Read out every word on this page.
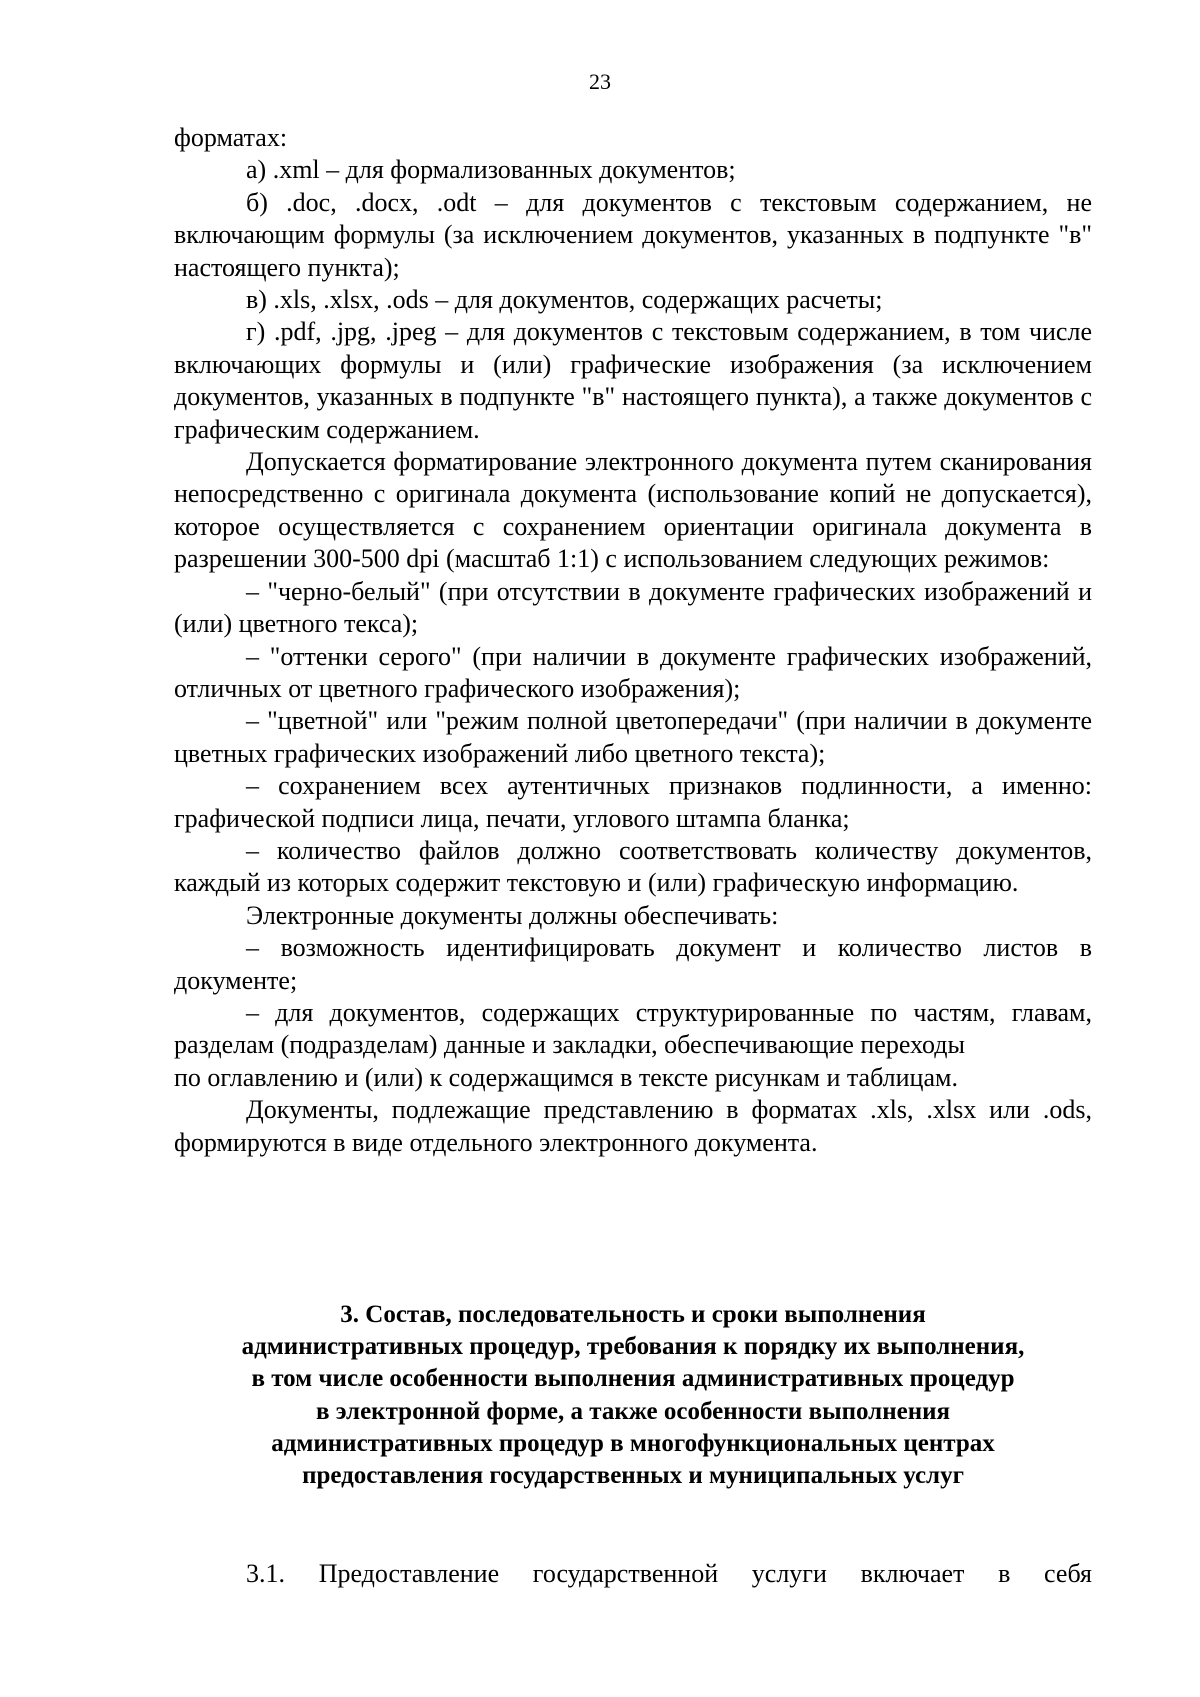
23

форматах:

а) .xml – для формализованных документов;

б) .doc, .docx, .odt – для документов с текстовым содержанием, не включающим формулы (за исключением документов, указанных в подпункте "в" настоящего пункта);

в) .xls, .xlsx, .ods – для документов, содержащих расчеты;

г) .pdf, .jpg, .jpeg – для документов с текстовым содержанием, в том числе включающих формулы и (или) графические изображения (за исключением документов, указанных в подпункте "в" настоящего пункта), а также документов с графическим содержанием.

Допускается форматирование электронного документа путем сканирования непосредственно с оригинала документа (использование копий не допускается), которое осуществляется с сохранением ориентации оригинала документа в разрешении 300-500 dpi (масштаб 1:1) с использованием следующих режимов:

– "черно-белый" (при отсутствии в документе графических изображений и (или) цветного текса);

– "оттенки серого" (при наличии в документе графических изображений, отличных от цветного графического изображения);

– "цветной" или "режим полной цветопередачи" (при наличии в документе цветных графических изображений либо цветного текста);

– сохранением всех аутентичных признаков подлинности, а именно: графической подписи лица, печати, углового штампа бланка;

– количество файлов должно соответствовать количеству документов, каждый из которых содержит текстовую и (или) графическую информацию.

Электронные документы должны обеспечивать:

– возможность идентифицировать документ и количество листов в документе;

– для документов, содержащих структурированные по частям, главам, разделам (подразделам) данные и закладки, обеспечивающие переходы

по оглавлению и (или) к содержащимся в тексте рисункам и таблицам.

Документы, подлежащие представлению в форматах .xls, .xlsx или .ods, формируются в виде отдельного электронного документа.

3. Состав, последовательность и сроки выполнения
административных процедур, требования к порядку их выполнения,
в том числе особенности выполнения административных процедур
в электронной форме, а также особенности выполнения
административных процедур в многофункциональных центрах
предоставления государственных и муниципальных услуг

3.1. Предоставление государственной услуги включает в себя
